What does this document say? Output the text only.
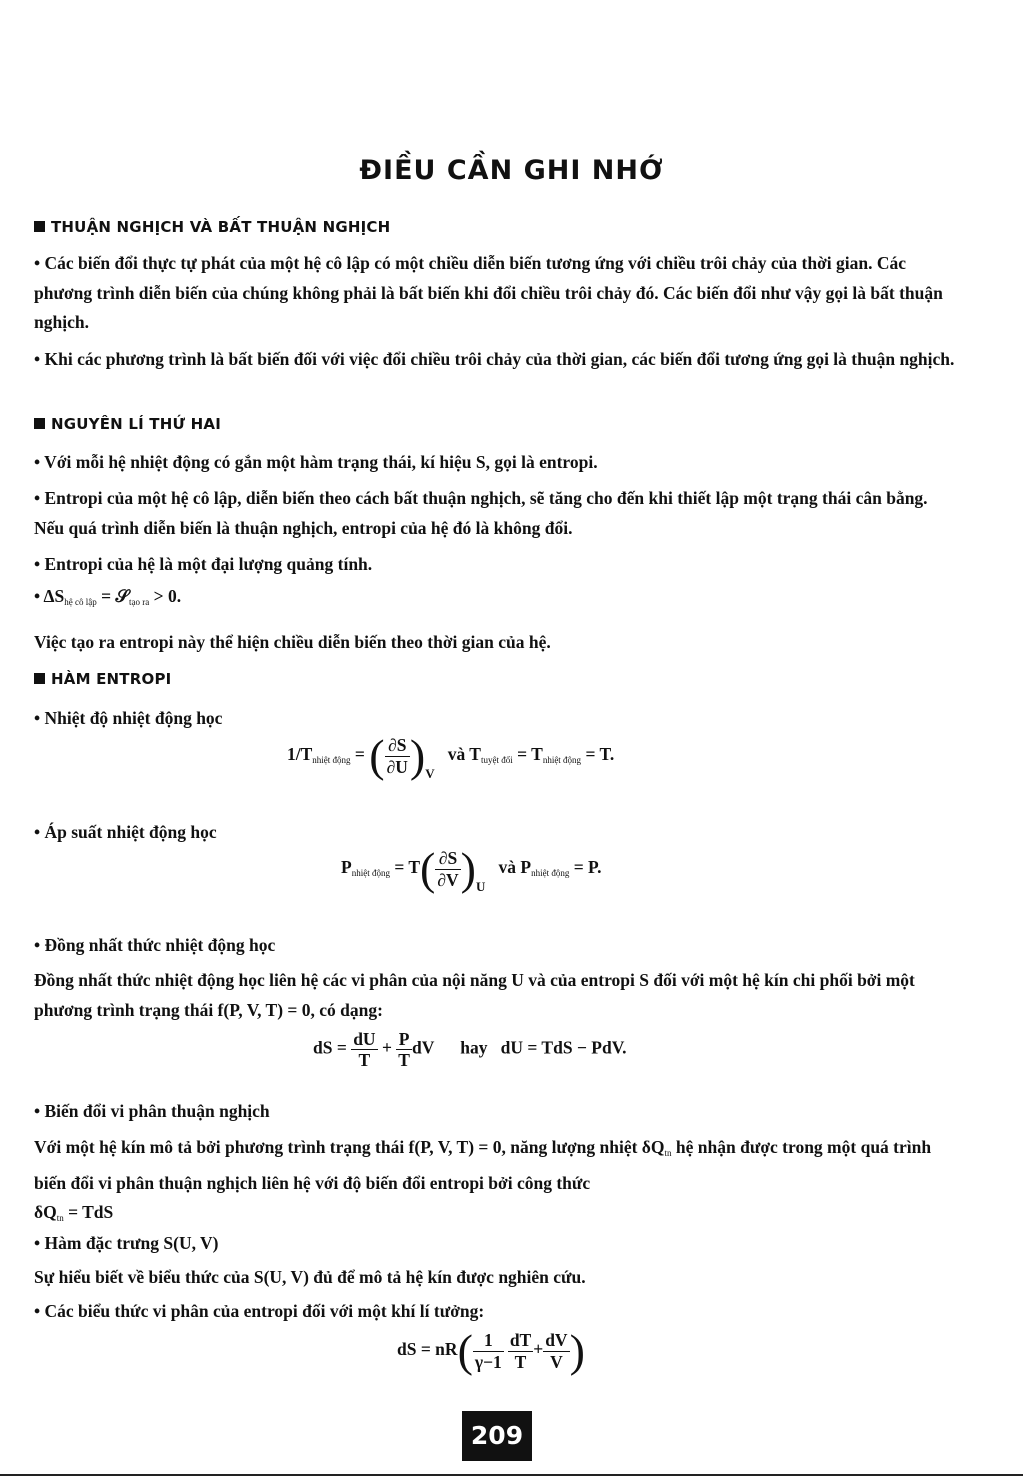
ĐIỀU CẦN GHI NHỚ
THUẬN NGHỊCH VÀ BẤT THUẬN NGHỊCH
• Các biến đổi thực tự phát của một hệ cô lập có một chiều diễn biến tương ứng với chiều trôi chảy của thời gian. Các phương trình diễn biến của chúng không phải là bất biến khi đổi chiều trôi chảy đó. Các biến đổi như vậy gọi là bất thuận nghịch.
• Khi các phương trình là bất biến đối với việc đổi chiều trôi chảy của thời gian, các biến đổi tương ứng gọi là thuận nghịch.
NGUYÊN LÍ THỨ HAI
• Với mỗi hệ nhiệt động có gắn một hàm trạng thái, kí hiệu S, gọi là entropi.
• Entropi của một hệ cô lập, diễn biến theo cách bất thuận nghịch, sẽ tăng cho đến khi thiết lập một trạng thái cân bằng. Nếu quá trình diễn biến là thuận nghịch, entropi của hệ đó là không đổi.
• Entropi của hệ là một đại lượng quảng tính.
• $\Delta S_{hệ cô lập}$ = 𝒮$_{tạo ra}$ > 0.
Việc tạo ra entropi này thể hiện chiều diễn biến theo thời gian của hệ.
HÀM ENTROPI
• Nhiệt độ nhiệt động học
$1/T_{nhiệt động}$ = ( $\frac{\partial S}{\partial U} )_V$   và $T_{tuyệt đối} = T_{nhiệt động} = T$.
• Áp suất nhiệt động học
$P_{nhiệt động} = T( \frac{\partial S}{\partial V} )_U$   và $P_{nhiệt động} = P$.
• Đồng nhất thức nhiệt động học
Đồng nhất thức nhiệt động học liên hệ các vi phân của nội năng U và của entropi S đối với một hệ kín chi phối bởi một phương trình trạng thái f(P, V, T) = 0, có dạng:
dS = $\frac{dU}{T} + \frac{P}{T}$ dV hay dU = TdS − PdV.
• Biến đổi vi phân thuận nghịch
Với một hệ kín mô tả bởi phương trình trạng thái f(P, V, T) = 0, năng lượng nhiệt $\delta Q_{tn}$ hệ nhận được trong một quá trình biến đổi vi phân thuận nghịch liên hệ với độ biến đổi entropi bởi công thức
$\delta Q_{tn}$ = TdS
• Hàm đặc trưng S(U, V)
Sự hiểu biết về biểu thức của S(U, V) đủ để mô tả hệ kín được nghiên cứu.
• Các biểu thức vi phân của entropi đối với một khí lí tưởng:
dS = $nR( \frac{1}{\gamma-1} \frac{dT}{T} + \frac{dV}{V}$ )
209
